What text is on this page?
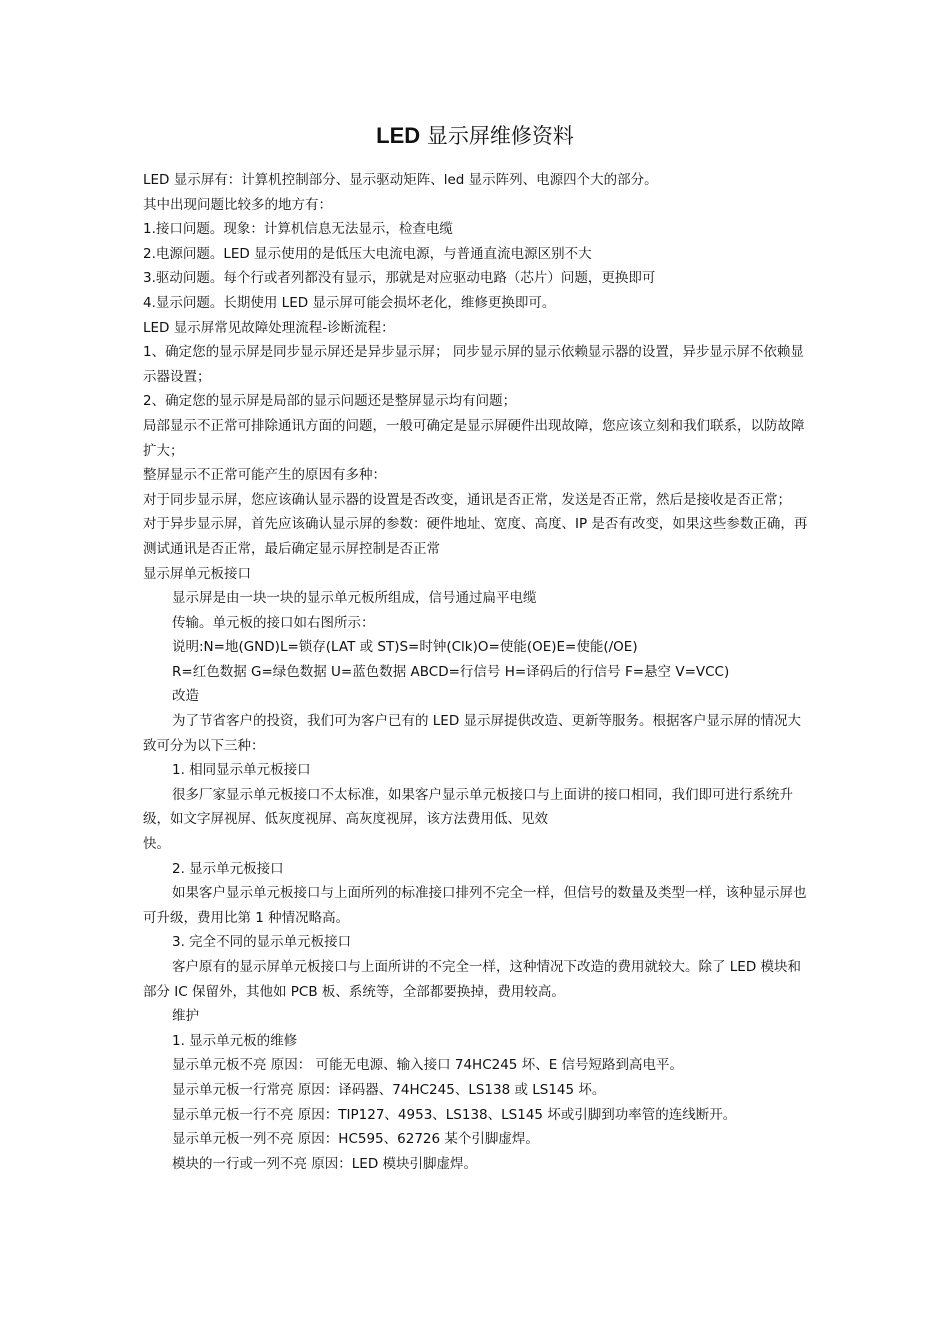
LED 显示屏维修资料

LED 显示屏有：计算机控制部分、显示驱动矩阵、led 显示阵列、电源四个大的部分。

其中出现问题比较多的地方有：

1.接口问题。现象：计算机信息无法显示，检查电缆

2.电源问题。LED 显示使用的是低压大电流电源，与普通直流电源区别不大

3.驱动问题。每个行或者列都没有显示，那就是对应驱动电路（芯片）问题，更换即可

4.显示问题。长期使用 LED 显示屏可能会损坏老化，维修更换即可。

LED 显示屏常见故障处理流程-诊断流程：

1、确定您的显示屏是同步显示屏还是异步显示屏； 同步显示屏的显示依赖显示器的设置，异步显示屏不依赖显示器设置；

2、确定您的显示屏是局部的显示问题还是整屏显示均有问题；

局部显示不正常可排除通讯方面的问题，一般可确定是显示屏硬件出现故障，您应该立刻和我们联系，以防故障扩大；

整屏显示不正常可能产生的原因有多种：

对于同步显示屏，您应该确认显示器的设置是否改变，通讯是否正常，发送是否正常，然后是接收是否正常；

对于异步显示屏，首先应该确认显示屏的参数：硬件地址、宽度、高度、IP 是否有改变，如果这些参数正确，再测试通讯是否正常，最后确定显示屏控制是否正常

显示屏单元板接口

显示屏是由一块一块的显示单元板所组成，信号通过扁平电缆

传输。单元板的接口如右图所示：

说明:N=地(GND)L=锁存(LAT 或 ST)S=时钟(Clk)O=使能(OE)E=使能(/OE)

R=红色数据 G=绿色数据 U=蓝色数据 ABCD=行信号 H=译码后的行信号 F=悬空 V=VCC)

改造

为了节省客户的投资，我们可为客户已有的 LED 显示屏提供改造、更新等服务。根据客户显示屏的情况大致可分为以下三种：

1. 相同显示单元板接口

很多厂家显示单元板接口不太标准，如果客户显示单元板接口与上面讲的接口相同，我们即可进行系统升级，如文字屏视屏、低灰度视屏、高灰度视屏，该方法费用低、见效

快。

2. 显示单元板接口

如果客户显示单元板接口与上面所列的标准接口排列不完全一样，但信号的数量及类型一样，该种显示屏也可升级，费用比第 1 种情况略高。

3. 完全不同的显示单元板接口

客户原有的显示屏单元板接口与上面所讲的不完全一样，这种情况下改造的费用就较大。除了 LED 模块和部分 IC 保留外，其他如 PCB 板、系统等，全部都要换掉，费用较高。

维护

1. 显示单元板的维修

显示单元板不亮 原因： 可能无电源、输入接口 74HC245 坏、E 信号短路到高电平。

显示单元板一行常亮 原因：译码器、74HC245、LS138 或 LS145 坏。

显示单元板一行不亮 原因：TIP127、4953、LS138、LS145 坏或引脚到功率管的连线断开。

显示单元板一列不亮 原因：HC595、62726 某个引脚虚焊。

模块的一行或一列不亮 原因：LED 模块引脚虚焊。
